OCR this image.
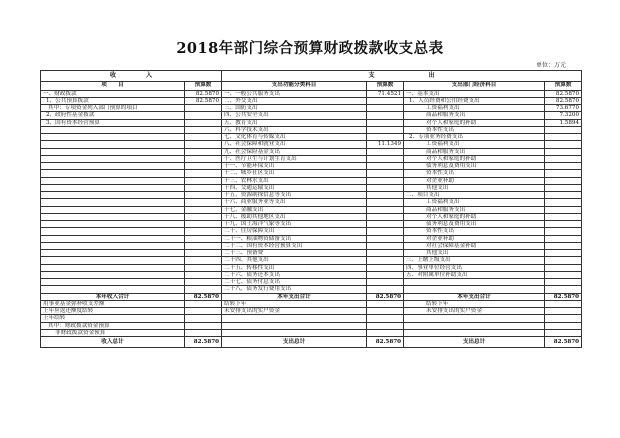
2018年部门综合预算财政拨款收支总表
单位：万元
收　　　　　入		支　　　　　　　　　出			
项　　目	预算数	支出功能分类科目	预算数	支出部门经济科目	预算数
一、财政拨款	82.5870	一、一般公共服务支出	71.4521	一、基本支出	82.5870
1、公共预算拨款	82.5870	二、外交支出		1、人员经费和公用经费支出	82.5870
其中：专项资金列入部门预算的项目		三、国防支出		工资福利支出	73.6770
2、政府性基金拨款		四、公共安全支出		商品和服务支出	7.3200
3、国有资本经营预算		五、教育支出		对个人和家庭的补助	1.5894
		六、科学技术支出		资本性支出	
		七、文化体育与传媒支出		2、专项业务经费支出	
		八、社会保障和就业支出	11.1349	工资福利支出	
		九、社会保险基金支出		商品和服务支出	
		十、医疗卫生与计划生育支出		对个人和家庭的补助	
		十一、节能环保支出		债务利息及费用支出	
		十二、城乡社区支出		资本性支出	
		十三、农林水支出		对企业补助	
		十四、交通运输支出		其他支出	
		十五、资源勘探信息等支出		二、项目支出	
		十六、商业服务业等支出		工资福利支出	
		十七、金融支出		商品和服务支出	
		十八、援助其他地区支出		对个人和家庭的补助	
		十九、国土海洋气象等支出		债务利息及费用支出	
		二十、住房保障支出		资本性支出	
		二十一、粮油物资储备支出		对企业补助	
		二十二、国有资本经营预算支出		对社会保障基金补助	
		二十三、预备费		其他支出	
		二十四、其他支出		三、上缴上级支出	
		二十五、转移性支出		四、事业单位经营支出	
		二十六、债务还本支出		五、对附属单位补助支出	
		二十七、债务付息支出			
		二十八、债务发行费用支出			
本年收入合计	82.5870	本年支出合计	82.5870	本年支出合计	82.5870
用事业基金弥补收支差额		结转下年		结转下年	
上年应返还额度结转		未安排支出的实户资金		未安排支出的实户资金	
上年结转					
其中：财政拨款资金预算					
非财政拨款资金预算					
收入总计	82.5870	支出总计	82.5870	支出总计	82.5870
